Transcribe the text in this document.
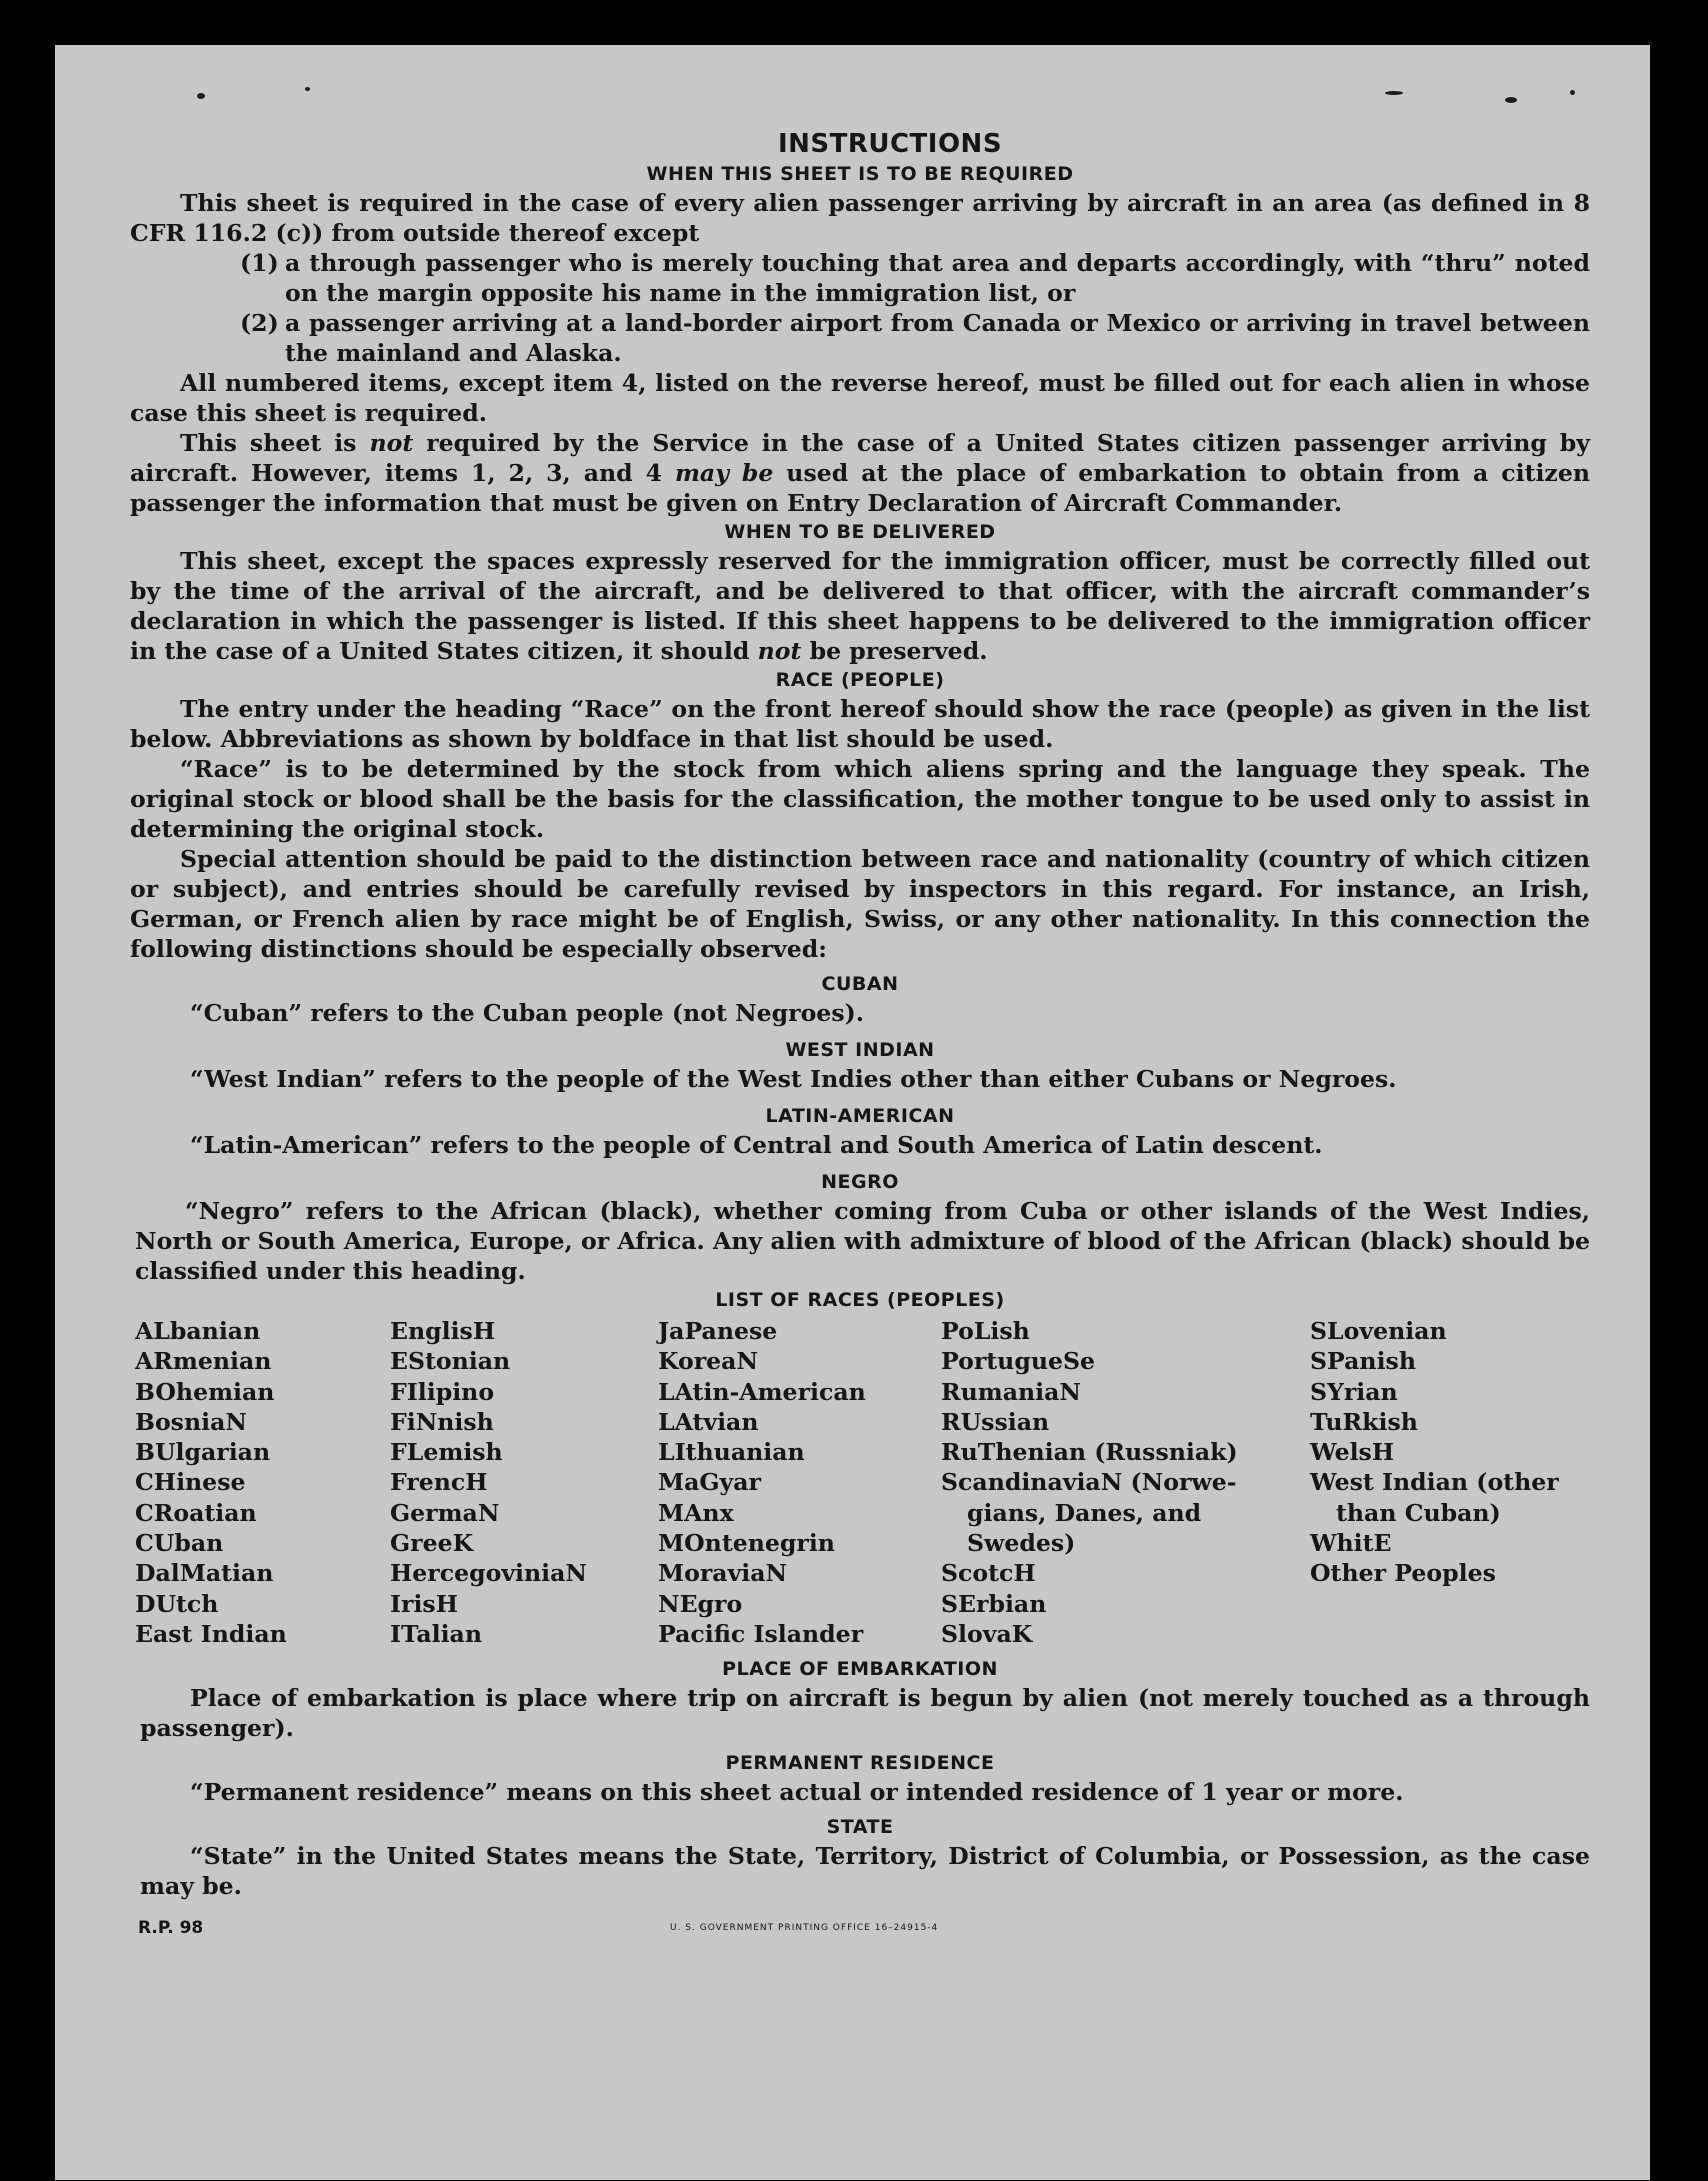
INSTRUCTIONS
WHEN THIS SHEET IS TO BE REQUIRED

This sheet is required in the case of every alien passenger arriving by aircraft in an area (as defined in 8 CFR 116.2 (c)) from outside thereof except

(1) a through passenger who is merely touching that area and departs accordingly, with “thru” noted on the margin opposite his name in the immigration list, or
(2) a passenger arriving at a land-border airport from Canada or Mexico or arriving in travel between the mainland and Alaska.

All numbered items, except item 4, listed on the reverse hereof, must be filled out for each alien in whose case this sheet is required.

This sheet is not required by the Service in the case of a United States citizen passenger arriving by aircraft. However, items 1, 2, 3, and 4 may be used at the place of embarkation to obtain from a citizen passenger the information that must be given on Entry Declaration of Aircraft Commander.

WHEN TO BE DELIVERED

This sheet, except the spaces expressly reserved for the immigration officer, must be correctly filled out by the time of the arrival of the aircraft, and be delivered to that officer, with the aircraft commander’s declaration in which the passenger is listed. If this sheet happens to be delivered to the immigration officer in the case of a United States citizen, it should not be preserved.

RACE (PEOPLE)

The entry under the heading “Race” on the front hereof should show the race (people) as given in the list below. Abbreviations as shown by boldface in that list should be used.

“Race” is to be determined by the stock from which aliens spring and the language they speak. The original stock or blood shall be the basis for the classification, the mother tongue to be used only to assist in determining the original stock.

Special attention should be paid to the distinction between race and nationality (country of which citizen or subject), and entries should be carefully revised by inspectors in this regard. For instance, an Irish, German, or French alien by race might be of English, Swiss, or any other nationality. In this connection the following distinctions should be especially observed:

CUBAN

“Cuban” refers to the Cuban people (not Negroes).

WEST INDIAN

“West Indian” refers to the people of the West Indies other than either Cubans or Negroes.

LATIN-AMERICAN

“Latin-American” refers to the people of Central and South America of Latin descent.

NEGRO

“Negro” refers to the African (black), whether coming from Cuba or other islands of the West Indies, North or South America, Europe, or Africa. Any alien with admixture of blood of the African (black) should be classified under this heading.

LIST OF RACES (PEOPLES)
ALbanian
ARmenian
BOhemian
BosniaN
BUlgarian
CHinese
CRoatian
CUban
DalMatian
DUtch
East Indian
EnglisH
EStonian
FIlipino
FiNnish
FLemish
FrencH
GermaN
GreeK
HercegoviniaN
IrisH
ITalian
JaPanese
KoreaN
LAtin-American
LAtvian
LIthuanian
MaGyar
MAnx
MOntenegrin
MoraviaN
NEgro
Pacific Islander
PoLish
PortugueSe
RumaniaN
RUssian
RuThenian (Russniak)
ScandinaviaN (Norwe-
gians, Danes, and
Swedes)
ScotcH
SErbian
SlovaK
SLovenian
SPanish
SYrian
TuRkish
WelsH
West Indian (other
than Cuban)
WhitE
Other Peoples
PLACE OF EMBARKATION

Place of embarkation is place where trip on aircraft is begun by alien (not merely touched as a through passenger).

PERMANENT RESIDENCE

“Permanent residence” means on this sheet actual or intended residence of 1 year or more.

STATE

“State” in the United States means the State, Territory, District of Columbia, or Possession, as the case may be.

R.P. 98	U. S. GOVERNMENT PRINTING OFFICE 16–24915-4
